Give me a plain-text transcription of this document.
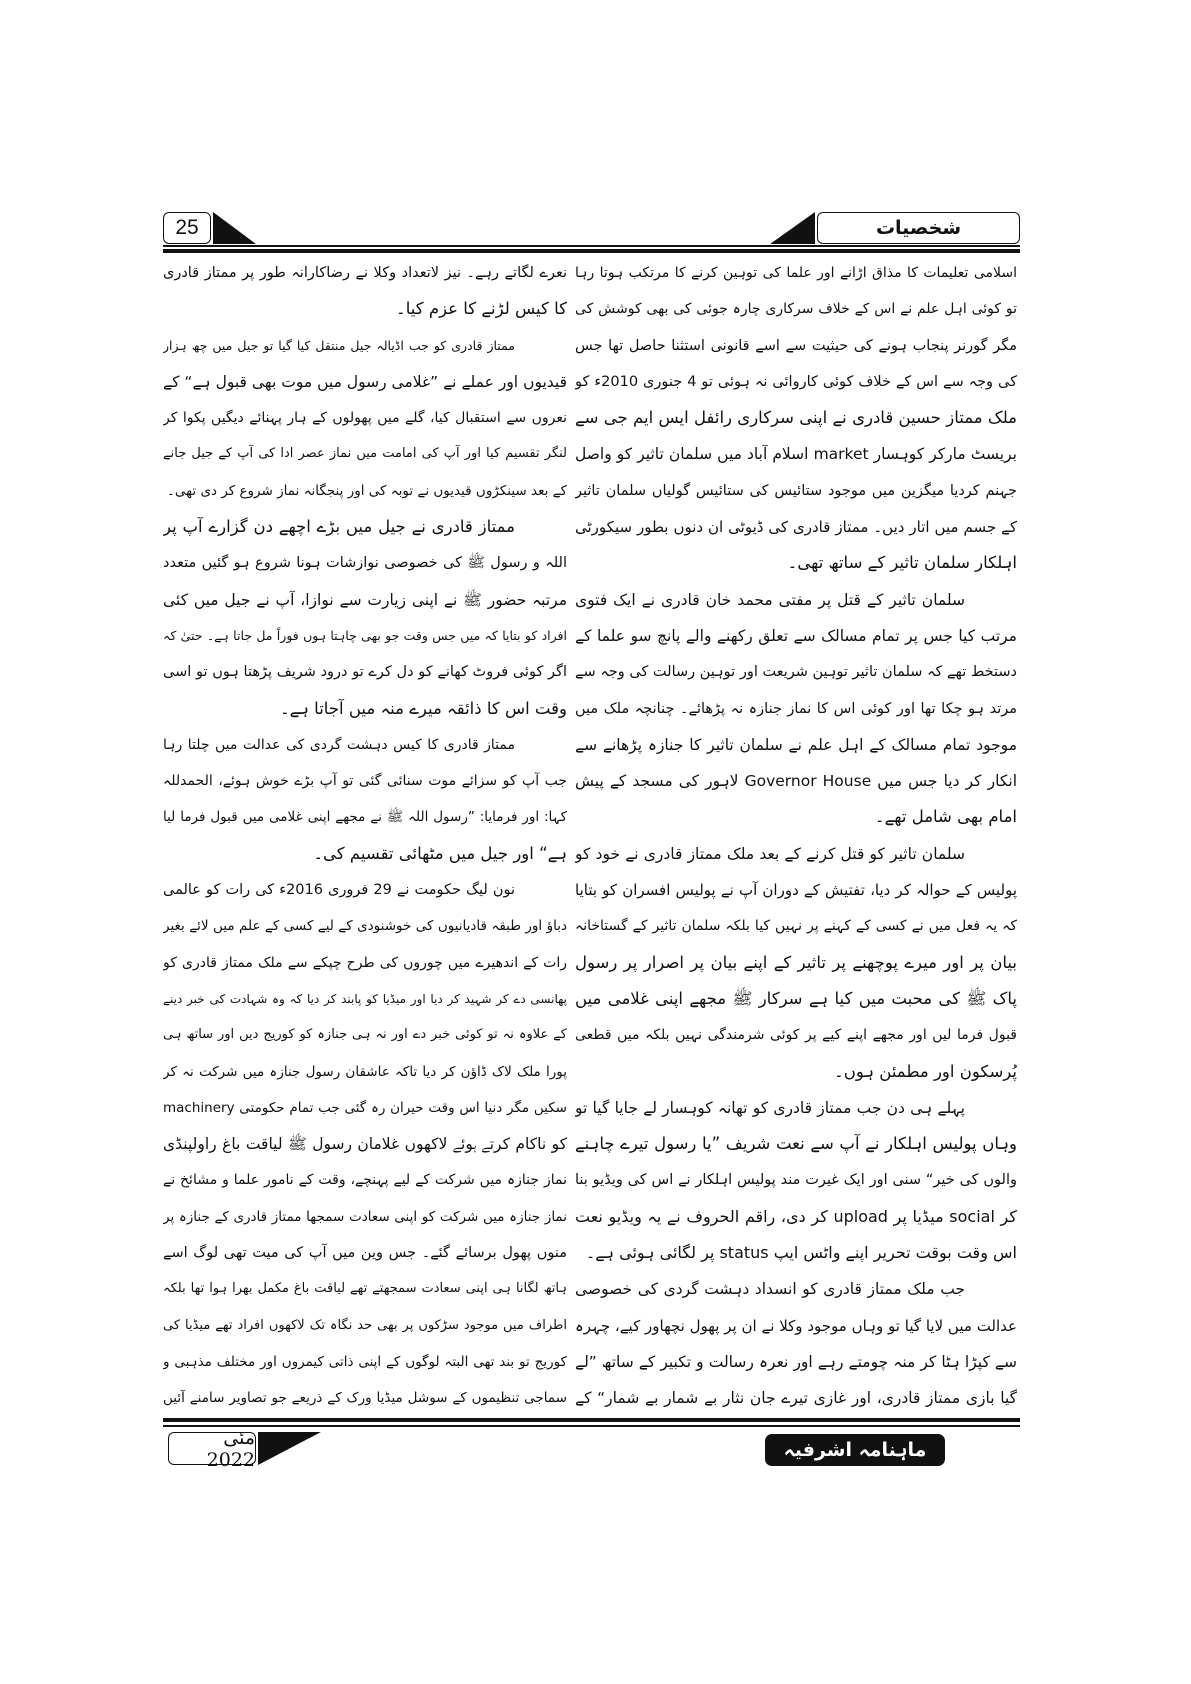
25	شخصیات
اسلامی تعلیمات کا مذاق اڑانے اور علما کی توہین کرنے کا مرتکب ہوتا رہا
تو کوئی اہل علم نے اس کے خلاف سرکاری چارہ جوئی کی بھی کوشش کی
مگر گورنر پنجاب ہونے کی حیثیت سے اسے قانونی استثنا حاصل تھا جس
کی وجہ سے اس کے خلاف کوئی کاروائی نہ ہوئی تو 4 جنوری 2010ء کو
ملک ممتاز حسین قادری نے اپنی سرکاری رائفل ایس ایم جی سے
بریسٹ مارکر کوہسار market اسلام آباد میں سلمان تاثیر کو واصل
جہنم کردیا میگزین میں موجود ستائیس کی ستائیس گولیاں سلمان تاثیر
کے جسم میں اتار دیں۔ ممتاز قادری کی ڈیوٹی ان دنوں بطور سیکورٹی
اہلکار سلمان تاثیر کے ساتھ تھی۔
سلمان تاثیر کے قتل پر مفتی محمد خان قادری نے ایک فتوی
مرتب کیا جس پر تمام مسالک سے تعلق رکھنے والے پانچ سو علما کے
دستخط تھے کہ سلمان تاثیر توہین شریعت اور توہین رسالت کی وجہ سے
مرتد ہو چکا تھا اور کوئی اس کا نماز جنازہ نہ پڑھائے۔ چنانچہ ملک میں
موجود تمام مسالک کے اہل علم نے سلمان تاثیر کا جنازہ پڑھانے سے
انکار کر دیا جس میں Governor House لاہور کی مسجد کے پیش
امام بھی شامل تھے۔
سلمان تاثیر کو قتل کرنے کے بعد ملک ممتاز قادری نے خود کو
پولیس کے حوالہ کر دیا، تفتیش کے دوران آپ نے پولیس افسران کو بتایا
کہ یہ فعل میں نے کسی کے کہنے پر نہیں کیا بلکہ سلمان تاثیر کے گستاخانہ
بیان پر اور میرے پوچھنے پر تاثیر کے اپنے بیان پر اصرار پر رسول
پاک ﷺ کی محبت میں کیا ہے سرکار ﷺ مجھے اپنی غلامی میں
قبول فرما لیں اور مجھے اپنے کیے پر کوئی شرمندگی نہیں بلکہ میں قطعی
پُرسکون اور مطمئن ہوں۔
پہلے ہی دن جب ممتاز قادری کو تھانہ کوہسار لے جایا گیا تو
وہاں پولیس اہلکار نے آپ سے نعت شریف ”یا رسول تیرے چاہنے
والوں کی خیر“ سنی اور ایک غیرت مند پولیس اہلکار نے اس کی ویڈیو بنا
کر social میڈیا پر upload کر دی، راقم الحروف نے یہ ویڈیو نعت
اس وقت بوقت تحریر اپنے واٹس ایپ status پر لگائی ہوئی ہے۔
جب ملک ممتاز قادری کو انسداد دہشت گردی کی خصوصی
عدالت میں لایا گیا تو وہاں موجود وکلا نے ان پر پھول نچھاور کیے، چہرہ
سے کپڑا ہٹا کر منہ چومتے رہے اور نعرہ رسالت و تکبیر کے ساتھ ”لے
گیا بازی ممتاز قادری، اور غازی تیرے جان نثار بے شمار بے شمار“ کے
نعرے لگاتے رہے۔ نیز لاتعداد وکلا نے رضاکارانہ طور پر ممتاز قادری
کا کیس لڑنے کا عزم کیا۔
ممتاز قادری کو جب اڈیالہ جیل منتقل کیا گیا تو جیل میں چھ ہزار
قیدیوں اور عملے نے ”غلامی رسول میں موت بھی قبول ہے“ کے
نعروں سے استقبال کیا، گلے میں پھولوں کے ہار پہنائے دیگیں پکوا کر
لنگر تقسیم کیا اور آپ کی امامت میں نماز عصر ادا کی آپ کے جیل جانے
کے بعد سینکڑوں قیدیوں نے توبہ کی اور پنجگانہ نماز شروع کر دی تھی۔
ممتاز قادری نے جیل میں بڑے اچھے دن گزارے آپ پر
اللہ و رسول ﷺ کی خصوصی نوازشات ہونا شروع ہو گئیں متعدد
مرتبہ حضور ﷺ نے اپنی زیارت سے نوازا، آپ نے جیل میں کئی
افراد کو بتایا کہ میں جس وقت جو بھی چاہتا ہوں فوراً مل جاتا ہے۔ حتیٰ کہ
اگر کوئی فروٹ کھانے کو دل کرے تو درود شریف پڑھتا ہوں تو اسی
وقت اس کا ذائقہ میرے منہ میں آجاتا ہے۔
ممتاز قادری کا کیس دہشت گردی کی عدالت میں چلتا رہا
جب آپ کو سزائے موت سنائی گئی تو آپ بڑے خوش ہوئے، الحمدللہ
کہا: اور فرمایا: ”رسول اللہ ﷺ نے مجھے اپنی غلامی میں قبول فرما لیا
ہے“ اور جیل میں مٹھائی تقسیم کی۔
نون لیگ حکومت نے 29 فروری 2016ء کی رات کو عالمی
دباؤ اور طبقہ قادیانیوں کی خوشنودی کے لیے کسی کے علم میں لائے بغیر
رات کے اندھیرے میں چوروں کی طرح چپکے سے ملک ممتاز قادری کو
پھانسی دے کر شہید کر دیا اور میڈیا کو پابند کر دیا کہ وہ شہادت کی خبر دینے
کے علاوہ نہ تو کوئی خبر دے اور نہ ہی جنازہ کو کوریج دیں اور ساتھ ہی
پورا ملک لاک ڈاؤن کر دیا تاکہ عاشقان رسول جنازہ میں شرکت نہ کر
سکیں مگر دنیا اس وقت حیران رہ گئی جب تمام حکومتی machinery
کو ناکام کرتے ہوئے لاکھوں غلامان رسول ﷺ لیاقت باغ راولپنڈی
نماز جنازہ میں شرکت کے لیے پہنچے، وقت کے نامور علما و مشائخ نے
نماز جنازہ میں شرکت کو اپنی سعادت سمجھا ممتاز قادری کے جنازہ پر
منوں پھول برسائے گئے۔ جس وین میں آپ کی میت تھی لوگ اسے
ہاتھ لگانا ہی اپنی سعادت سمجھتے تھے لیاقت باغ مکمل بھرا ہوا تھا بلکہ
اطراف میں موجود سڑکوں پر بھی حد نگاہ تک لاکھوں افراد تھے میڈیا کی
کوریج تو بند تھی البتہ لوگوں کے اپنی ذاتی کیمروں اور مختلف مذہبی و
سماجی تنظیموں کے سوشل میڈیا ورک کے ذریعے جو تصاویر سامنے آئیں
مئی 2022	ماہنامہ اشرفیہ
